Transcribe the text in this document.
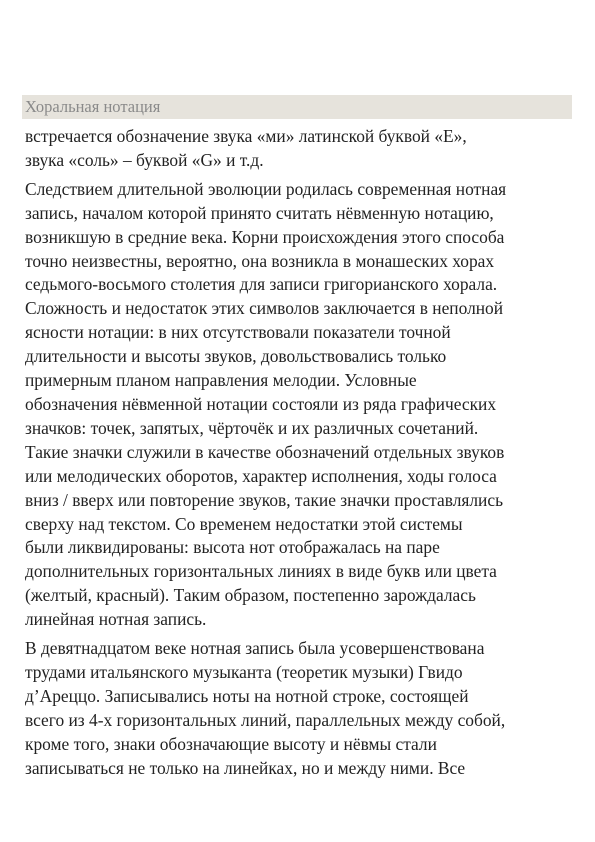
Хоральная нотация

встречается обозначение звука «ми» латинской буквой «Е»,
звука «соль» – буквой «G» и т.д.

Следствием длительной эволюции родилась современная нотная
запись, началом которой принято считать нёвменную нотацию,
возникшую в средние века. Корни происхождения этого способа
точно неизвестны, вероятно, она возникла в монашеских хорах
седьмого-восьмого столетия для записи григорианского хорала.
Сложность и недостаток этих символов заключается в неполной
ясности нотации: в них отсутствовали показатели точной
длительности и высоты звуков, довольствовались только
примерным планом направления мелодии. Условные
обозначения нёвменной нотации состояли из ряда графических
значков: точек, запятых, чёрточёк и их различных сочетаний.
Такие значки служили в качестве обозначений отдельных звуков
или мелодических оборотов, характер исполнения, ходы голоса
вниз / вверх или повторение звуков, такие значки проставлялись
сверху над текстом. Со временем недостатки этой системы
были ликвидированы: высота нот отображалась на паре
дополнительных горизонтальных линиях в виде букв или цвета
(желтый, красный). Таким образом, постепенно зарождалась
линейная нотная запись.

В девятнадцатом веке нотная запись была усовершенствована
трудами итальянского музыканта (теоретик музыки) Гвидо
д’Ареццо. Записывались ноты на нотной строке, состоящей
всего из 4-х горизонтальных линий, параллельных между собой,
кроме того, знаки обозначающие высоту и нёвмы стали
записываться не только на линейках, но и между ними. Все
